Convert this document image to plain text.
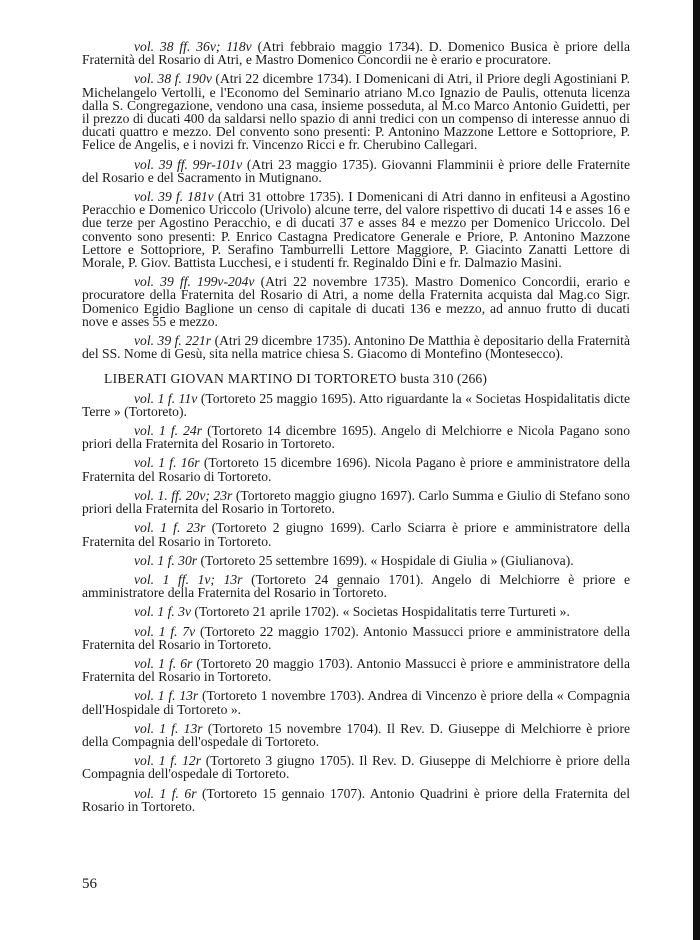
vol. 38 ff. 36v; 118v (Atri febbraio maggio 1734). D. Domenico Busica è priore della Fraternità del Rosario di Atri, e Mastro Domenico Concordii ne è erario e procuratore.

vol. 38 f. 190v (Atri 22 dicembre 1734). I Domenicani di Atri, il Priore degli Agostiniani P. Michelangelo Vertolli, e l'Economo del Seminario atriano M.co Ignazio de Paulis, ottenuta licenza dalla S. Congregazione, vendono una casa, insieme posseduta, al M.co Marco Antonio Guidetti, per il prezzo di ducati 400 da saldarsi nello spazio di anni tredici con un compenso di interesse annuo di ducati quattro e mezzo. Del convento sono presenti: P. Antonino Mazzone Lettore e Sottopriore, P. Felice de Angelis, e i novizi fr. Vincenzo Ricci e fr. Cherubino Callegari.

vol. 39 ff. 99r-101v (Atri 23 maggio 1735). Giovanni Flamminii è priore delle Fraternite del Rosario e del Sacramento in Mutignano.

vol. 39 f. 181v (Atri 31 ottobre 1735). I Domenicani di Atri danno in enfiteusi a Agostino Peracchio e Domenico Uriccolo (Urivolo) alcune terre, del valore rispettivo di ducati 14 e asses 16 e due terze per Agostino Peracchio, e di ducati 37 e asses 84 e mezzo per Domenico Uriccolo. Del convento sono presenti: P. Enrico Castagna Predicatore Generale e Priore, P. Antonino Mazzone Lettore e Sottopriore, P. Serafino Tamburrelli Lettore Maggiore, P. Giacinto Zanatti Lettore di Morale, P. Giov. Battista Lucchesi, e i studenti fr. Reginaldo Dini e fr. Dalmazio Masini.

vol. 39 ff. 199v-204v (Atri 22 novembre 1735). Mastro Domenico Concordii, erario e procuratore della Fraternita del Rosario di Atri, a nome della Fraternita acquista dal Mag.co Sigr. Domenico Egidio Baglione un censo di capitale di ducati 136 e mezzo, ad annuo frutto di ducati nove e asses 55 e mezzo.

vol. 39 f. 221r (Atri 29 dicembre 1735). Antonino De Matthia è depositario della Fraternità del SS. Nome di Gesù, sita nella matrice chiesa S. Giacomo di Montefino (Montesecco).

LIBERATI GIOVAN MARTINO DI TORTORETO busta 310 (266)

vol. 1 f. 11v (Tortoreto 25 maggio 1695). Atto riguardante la « Societas Hospidalitatis dicte Terre » (Tortoreto).

vol. 1 f. 24r (Tortoreto 14 dicembre 1695). Angelo di Melchiorre e Nicola Pagano sono priori della Fraternita del Rosario in Tortoreto.

vol. 1 f. 16r (Tortoreto 15 dicembre 1696). Nicola Pagano è priore e amministratore della Fraternita del Rosario di Tortoreto.

vol. 1. ff. 20v; 23r (Tortoreto maggio giugno 1697). Carlo Summa e Giulio di Stefano sono priori della Fraternita del Rosario in Tortoreto.

vol. 1 f. 23r (Tortoreto 2 giugno 1699). Carlo Sciarra è priore e amministratore della Fraternita del Rosario in Tortoreto.

vol. 1 f. 30r (Tortoreto 25 settembre 1699). « Hospidale di Giulia » (Giulianova).

vol. 1 ff. 1v; 13r (Tortoreto 24 gennaio 1701). Angelo di Melchiorre è priore e amministratore della Fraternita del Rosario in Tortoreto.

vol. 1 f. 3v (Tortoreto 21 aprile 1702). « Societas Hospidalitatis terre Turtureti ».

vol. 1 f. 7v (Tortoreto 22 maggio 1702). Antonio Massucci priore e amministratore della Fraternita del Rosario in Tortoreto.

vol. 1 f. 6r (Tortoreto 20 maggio 1703). Antonio Massucci è priore e amministratore della Fraternita del Rosario in Tortoreto.

vol. 1 f. 13r (Tortoreto 1 novembre 1703). Andrea di Vincenzo è priore della « Compagnia dell'Hospidale di Tortoreto ».

vol. 1 f. 13r (Tortoreto 15 novembre 1704). Il Rev. D. Giuseppe di Melchiorre è priore della Compagnia dell'ospedale di Tortoreto.

vol. 1 f. 12r (Tortoreto 3 giugno 1705). Il Rev. D. Giuseppe di Melchiorre è priore della Compagnia dell'ospedale di Tortoreto.

vol. 1 f. 6r (Tortoreto 15 gennaio 1707). Antonio Quadrini è priore della Fraternita del Rosario in Tortoreto.

56
